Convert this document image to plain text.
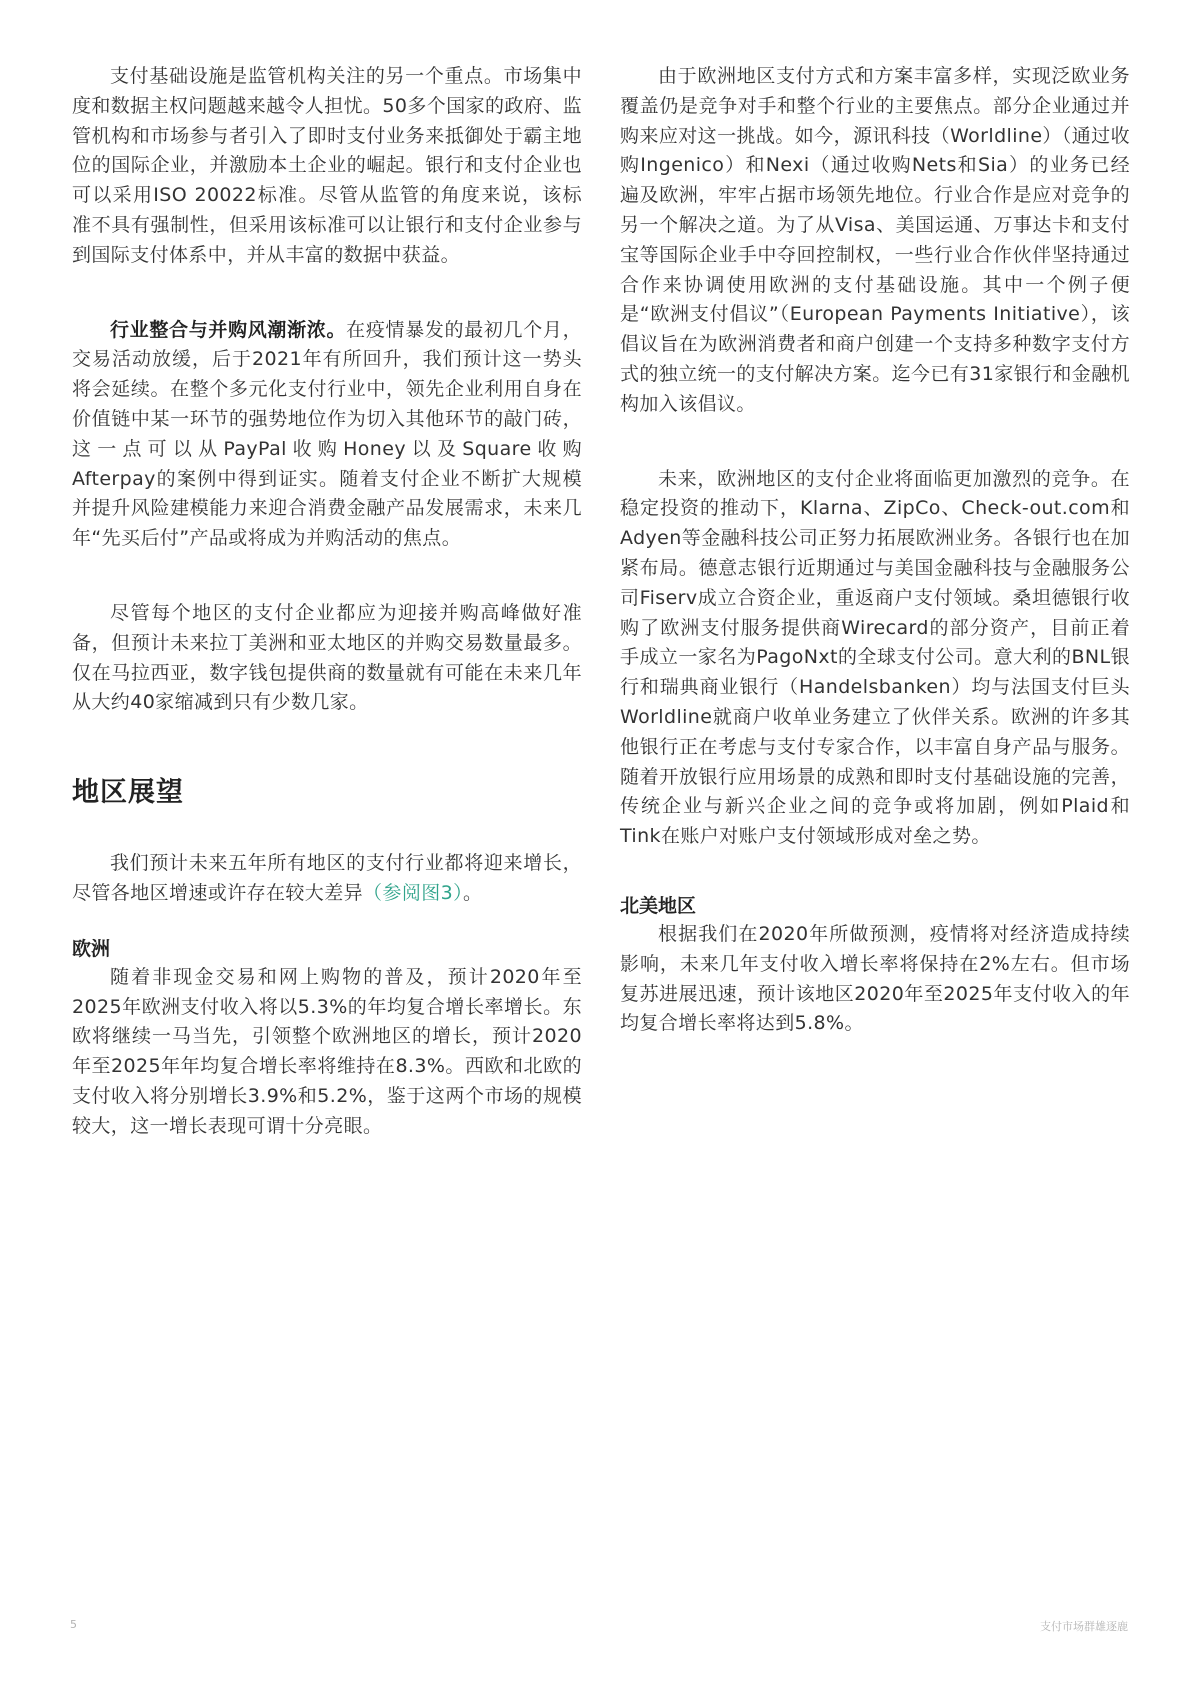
支付基础设施是监管机构关注的另一个重点。市场集中度和数据主权问题越来越令人担忧。50多个国家的政府、监管机构和市场参与者引入了即时支付业务来抵御处于霸主地位的国际企业，并激励本土企业的崛起。银行和支付企业也可以采用ISO 20022标准。尽管从监管的角度来说，该标准不具有强制性，但采用该标准可以让银行和支付企业参与到国际支付体系中，并从丰富的数据中获益。

行业整合与并购风潮渐浓。在疫情暴发的最初几个月，交易活动放缓，后于2021年有所回升，我们预计这一势头将会延续。在整个多元化支付行业中，领先企业利用自身在价值链中某一环节的强势地位作为切入其他环节的敲门砖，这一点可以从PayPal收购Honey以及Square收购Afterpay的案例中得到证实。随着支付企业不断扩大规模并提升风险建模能力来迎合消费金融产品发展需求，未来几年“先买后付”产品或将成为并购活动的焦点。

尽管每个地区的支付企业都应为迎接并购高峰做好准备，但预计未来拉丁美洲和亚太地区的并购交易数量最多。仅在马拉西亚，数字钱包提供商的数量就有可能在未来几年从大约40家缩减到只有少数几家。

地区展望

我们预计未来五年所有地区的支付行业都将迎来增长，尽管各地区增速或许存在较大差异（参阅图3）。

欧洲

随着非现金交易和网上购物的普及，预计2020年至2025年欧洲支付收入将以5.3%的年均复合增长率增长。东欧将继续一马当先，引领整个欧洲地区的增长，预计2020年至2025年年均复合增长率将维持在8.3%。西欧和北欧的支付收入将分别增长3.9%和5.2%，鉴于这两个市场的规模较大，这一增长表现可谓十分亮眼。

由于欧洲地区支付方式和方案丰富多样，实现泛欧业务覆盖仍是竞争对手和整个行业的主要焦点。部分企业通过并购来应对这一挑战。如今，源讯科技（Worldline）（通过收购Ingenico）和Nexi（通过收购Nets和Sia）的业务已经遍及欧洲，牢牢占据市场领先地位。行业合作是应对竞争的另一个解决之道。为了从Visa、美国运通、万事达卡和支付宝等国际企业手中夺回控制权，一些行业合作伙伴坚持通过合作来协调使用欧洲的支付基础设施。其中一个例子便是“欧洲支付倡议”（European Payments Initiative），该倡议旨在为欧洲消费者和商户创建一个支持多种数字支付方式的独立统一的支付解决方案。迄今已有31家银行和金融机构加入该倡议。

未来，欧洲地区的支付企业将面临更加激烈的竞争。在稳定投资的推动下，Klarna、ZipCo、Check-out.com和Adyen等金融科技公司正努力拓展欧洲业务。各银行也在加紧布局。德意志银行近期通过与美国金融科技与金融服务公司Fiserv成立合资企业，重返商户支付领域。桑坦德银行收购了欧洲支付服务提供商Wirecard的部分资产，目前正着手成立一家名为PagoNxt的全球支付公司。意大利的BNL银行和瑞典商业银行（Handelsbanken）均与法国支付巨头Worldline就商户收单业务建立了伙伴关系。欧洲的许多其他银行正在考虑与支付专家合作，以丰富自身产品与服务。随着开放银行应用场景的成熟和即时支付基础设施的完善，传统企业与新兴企业之间的竞争或将加剧，例如Plaid和Tink在账户对账户支付领域形成对垒之势。

北美地区

根据我们在2020年所做预测，疫情将对经济造成持续影响，未来几年支付收入增长率将保持在2%左右。但市场复苏进展迅速，预计该地区2020年至2025年支付收入的年均复合增长率将达到5.8%。

5	支付市场群雄逐鹿
